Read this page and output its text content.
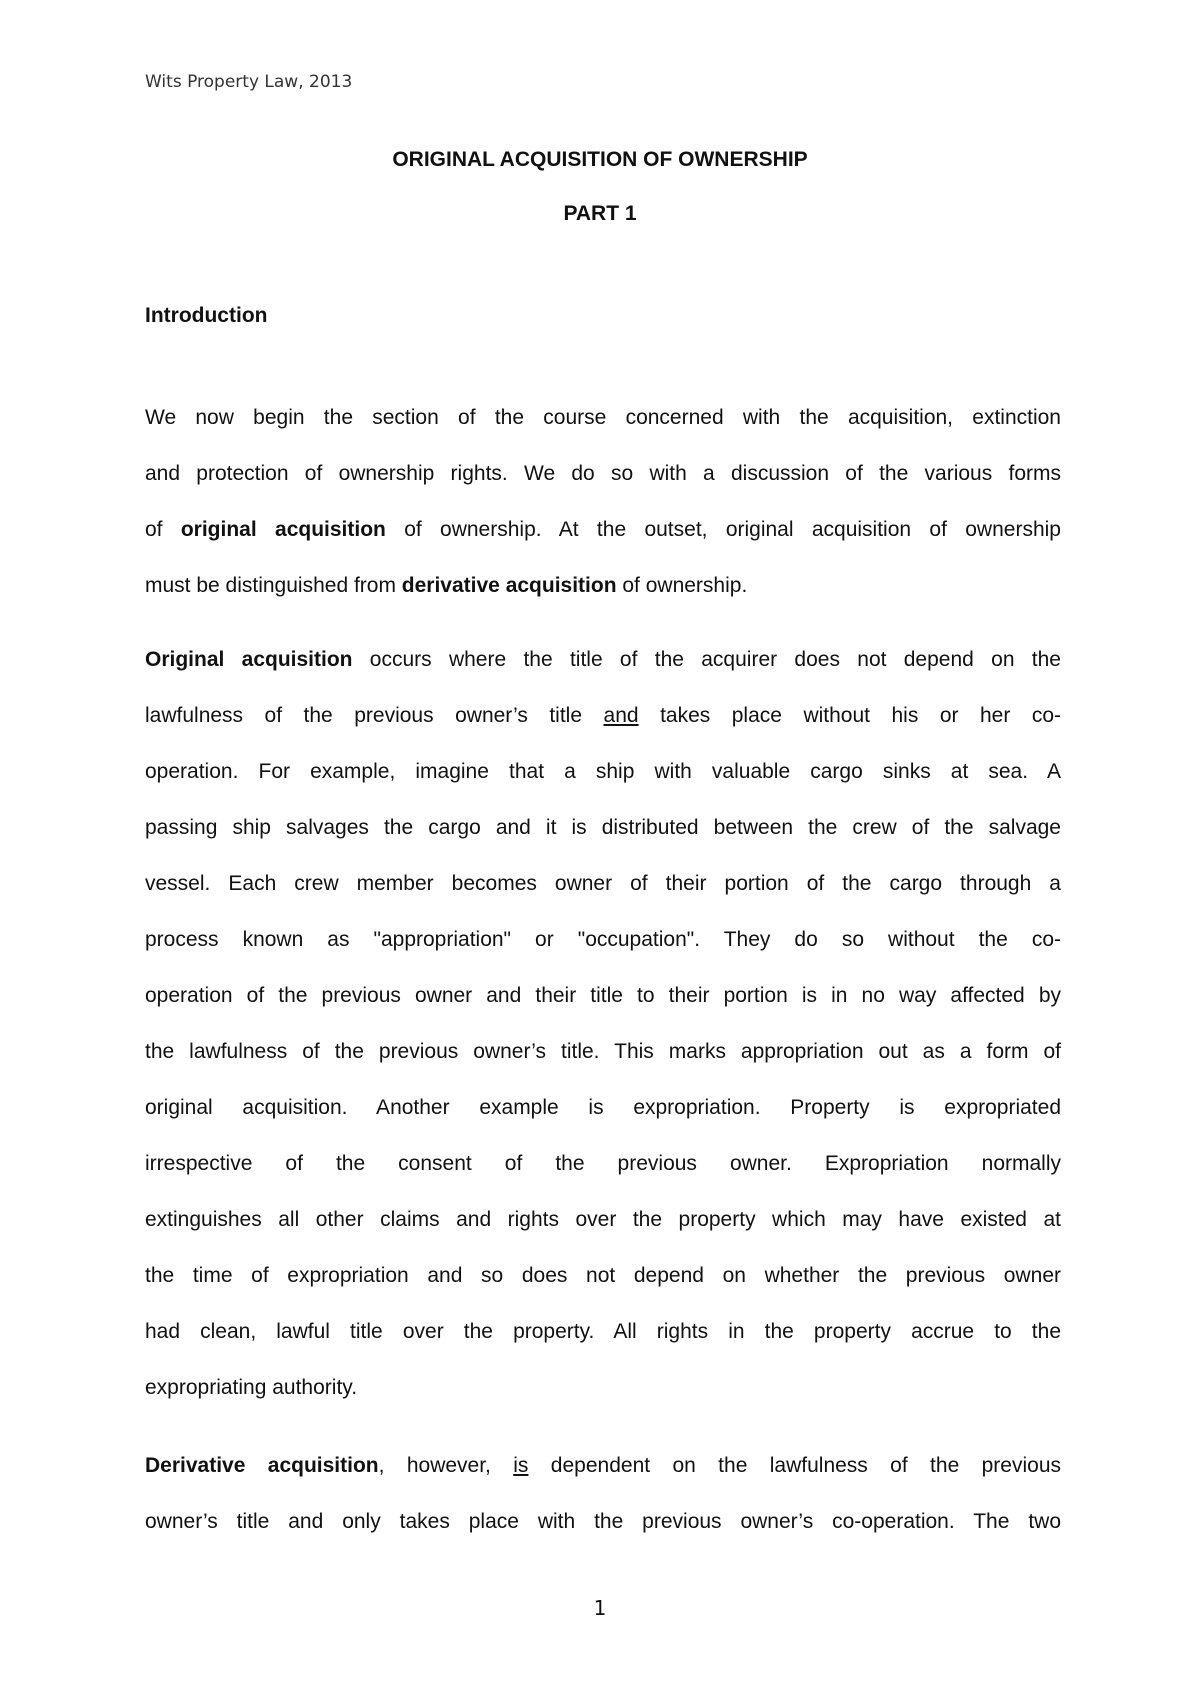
Wits Property Law, 2013
ORIGINAL ACQUISITION OF OWNERSHIP
PART 1
Introduction
We now begin the section of the course concerned with the acquisition, extinction
and protection of ownership rights. We do so with a discussion of the various forms
of original acquisition of ownership. At the outset, original acquisition of ownership
must be distinguished from derivative acquisition of ownership.
Original acquisition occurs where the title of the acquirer does not depend on the
lawfulness of the previous owner’s title and takes place without his or her co-
operation. For example, imagine that a ship with valuable cargo sinks at sea. A
passing ship salvages the cargo and it is distributed between the crew of the salvage
vessel. Each crew member becomes owner of their portion of the cargo through a
process known as "appropriation" or "occupation". They do so without the co-
operation of the previous owner and their title to their portion is in no way affected by
the lawfulness of the previous owner’s title. This marks appropriation out as a form of
original acquisition. Another example is expropriation. Property is expropriated
irrespective of the consent of the previous owner. Expropriation normally
extinguishes all other claims and rights over the property which may have existed at
the time of expropriation and so does not depend on whether the previous owner
had clean, lawful title over the property. All rights in the property accrue to the
expropriating authority.
Derivative acquisition, however, is dependent on the lawfulness of the previous
owner’s title and only takes place with the previous owner’s co-operation. The two
1
